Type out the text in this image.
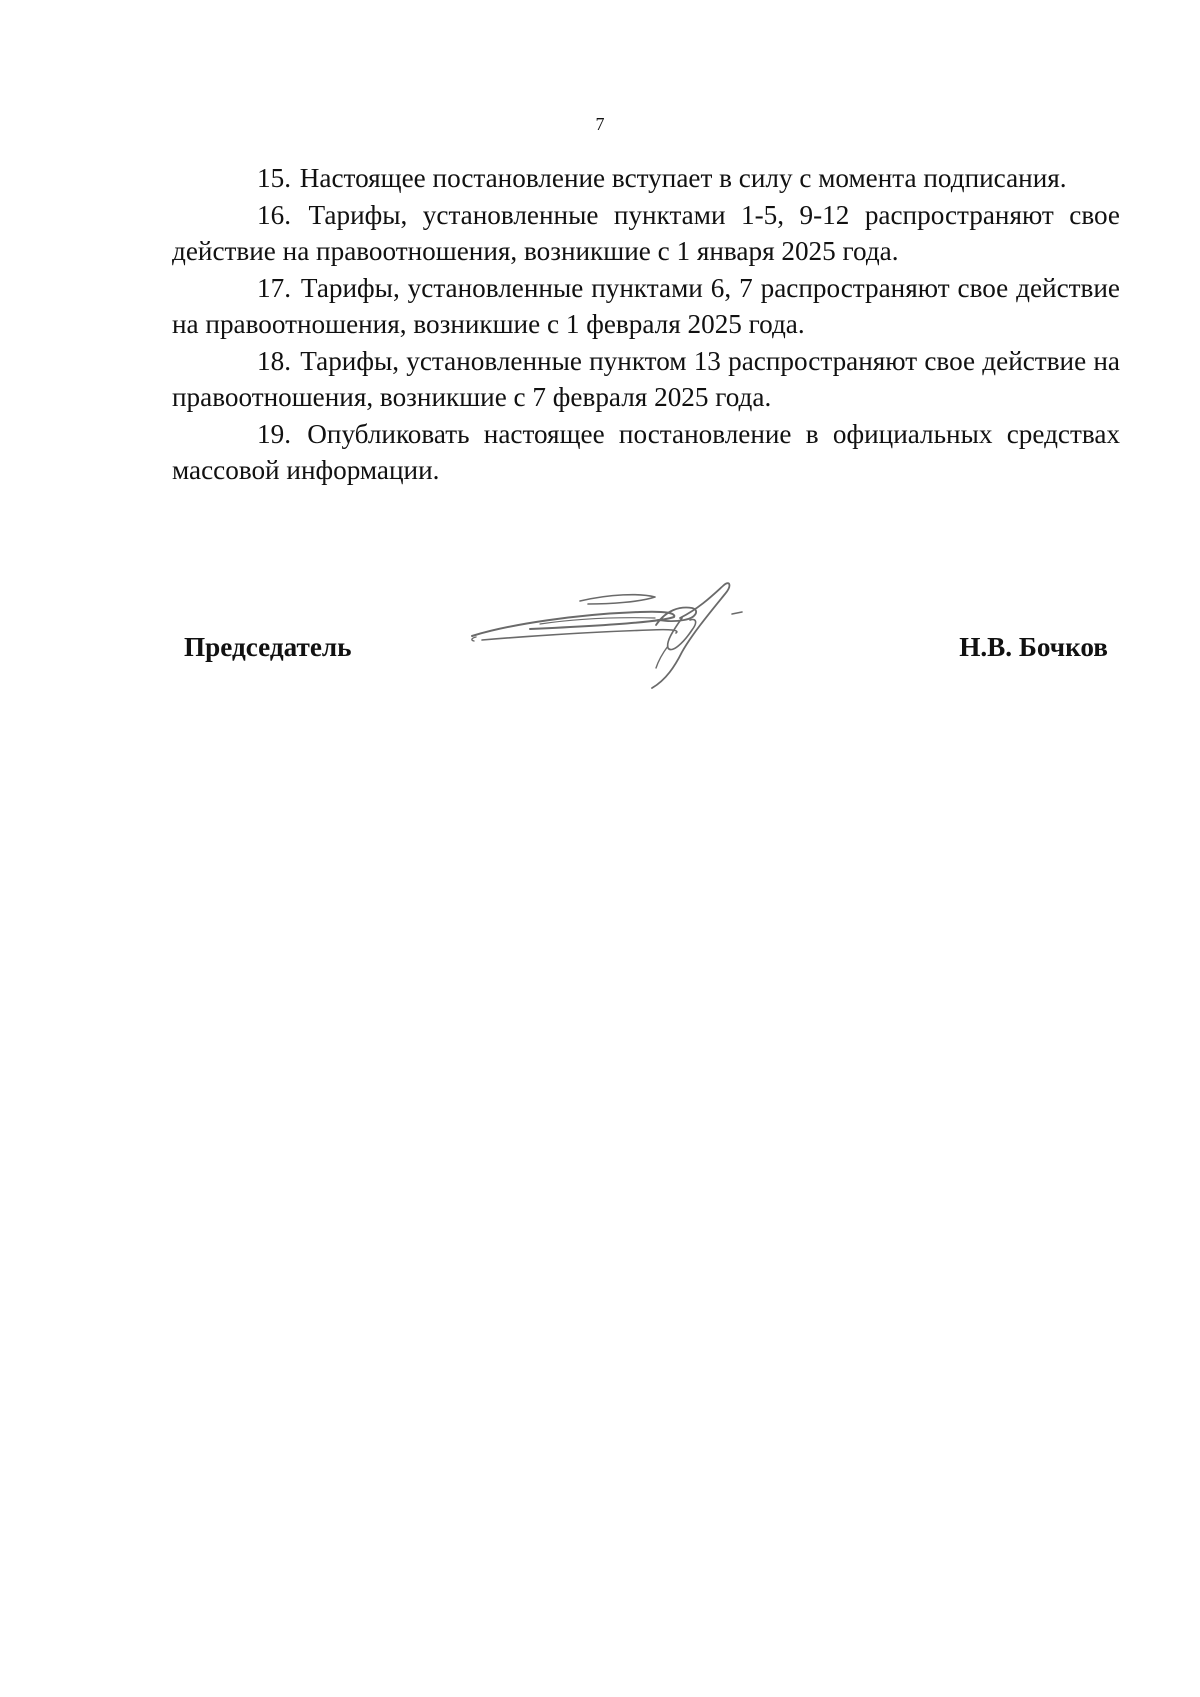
7

15. Настоящее постановление вступает в силу с момента подписания.

16. Тарифы, установленные пунктами 1-5, 9-12 распространяют свое действие на правоотношения, возникшие с 1 января 2025 года.

17. Тарифы, установленные пунктами 6, 7 распространяют свое действие на правоотношения, возникшие с 1 февраля 2025 года.

18. Тарифы, установленные пунктом 13 распространяют свое действие на правоотношения, возникшие с 7 февраля 2025 года.

19. Опубликовать настоящее постановление в официальных средствах массовой информации.

Председатель	Н.В. Бочков
